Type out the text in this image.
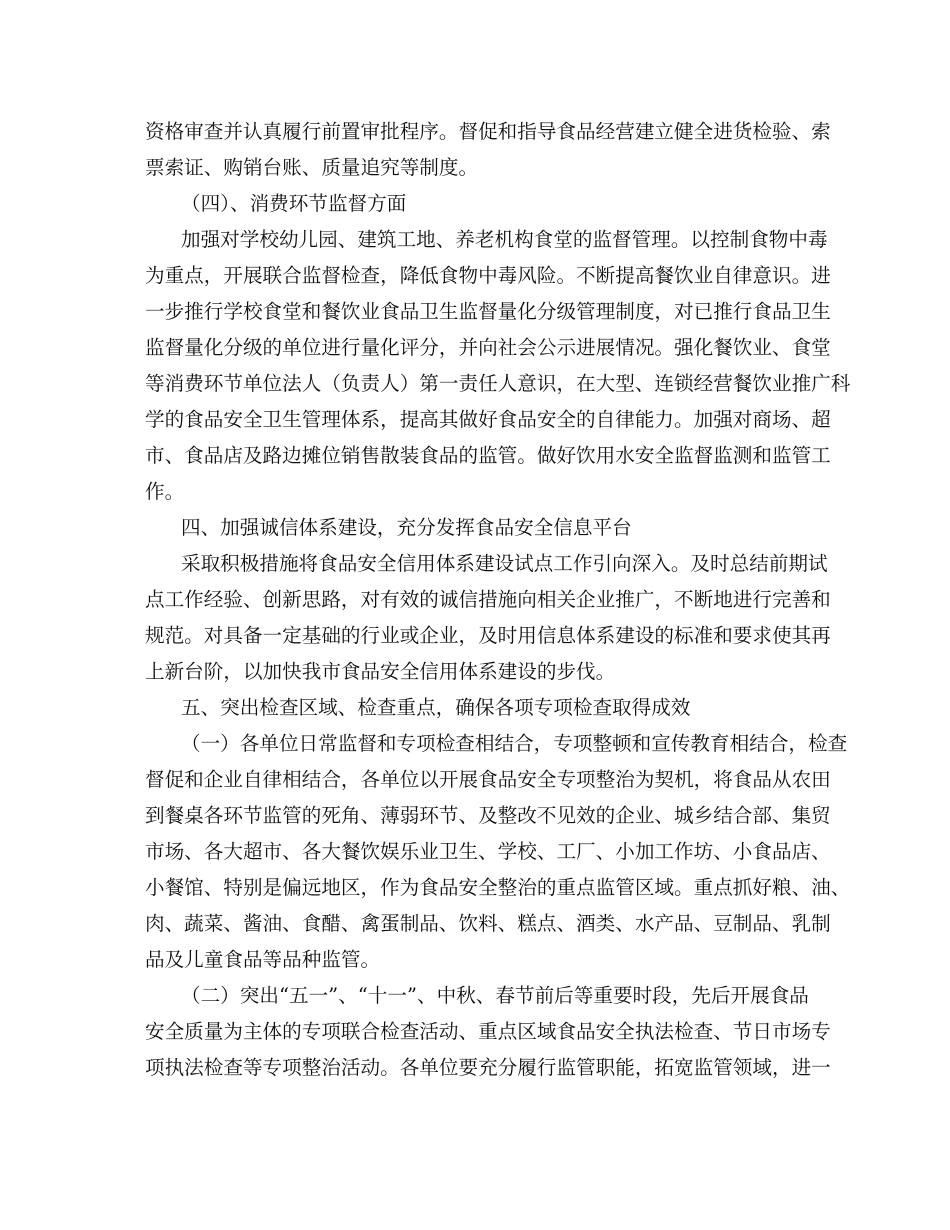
资格审查并认真履行前置审批程序。督促和指导食品经营建立健全进货检验、索

票索证、购销台账、质量追究等制度。

（四）、消费环节监督方面

加强对学校幼儿园、建筑工地、养老机构食堂的监督管理。以控制食物中毒

为重点，开展联合监督检查，降低食物中毒风险。不断提高餐饮业自律意识。进

一步推行学校食堂和餐饮业食品卫生监督量化分级管理制度，对已推行食品卫生

监督量化分级的单位进行量化评分，并向社会公示进展情况。强化餐饮业、食堂

等消费环节单位法人（负责人）第一责任人意识，在大型、连锁经营餐饮业推广科

学的食品安全卫生管理体系，提高其做好食品安全的自律能力。加强对商场、超

市、食品店及路边摊位销售散装食品的监管。做好饮用水安全监督监测和监管工

作。

四、加强诚信体系建设，充分发挥食品安全信息平台

采取积极措施将食品安全信用体系建设试点工作引向深入。及时总结前期试

点工作经验、创新思路，对有效的诚信措施向相关企业推广，不断地进行完善和

规范。对具备一定基础的行业或企业，及时用信息体系建设的标准和要求使其再

上新台阶，以加快我市食品安全信用体系建设的步伐。

五、突出检查区域、检查重点，确保各项专项检查取得成效

（一）各单位日常监督和专项检查相结合，专项整顿和宣传教育相结合，检查

督促和企业自律相结合，各单位以开展食品安全专项整治为契机，将食品从农田

到餐桌各环节监管的死角、薄弱环节、及整改不见效的企业、城乡结合部、集贸

市场、各大超市、各大餐饮娱乐业卫生、学校、工厂、小加工作坊、小食品店、

小餐馆、特别是偏远地区，作为食品安全整治的重点监管区域。重点抓好粮、油、

肉、蔬菜、酱油、食醋、禽蛋制品、饮料、糕点、酒类、水产品、豆制品、乳制

品及儿童食品等品种监管。

（二）突出“五一”、“十一”、中秋、春节前后等重要时段，先后开展食品

安全质量为主体的专项联合检查活动、重点区域食品安全执法检查、节日市场专

项执法检查等专项整治活动。各单位要充分履行监管职能，拓宽监管领域，进一
